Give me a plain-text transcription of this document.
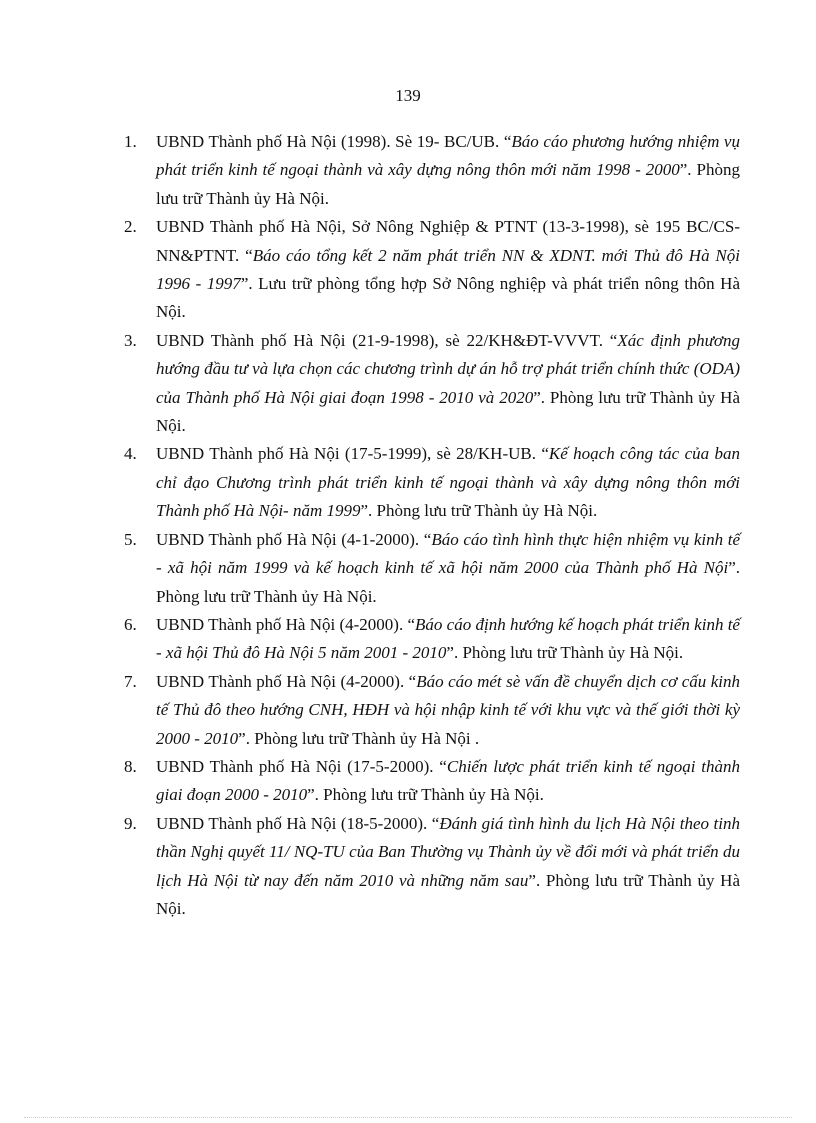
139
1. UBND Thành phố Hà Nội (1998). Sè 19- BC/UB. “Báo cáo phương hướng nhiệm vụ phát triển kinh tế ngoại thành và xây dựng nông thôn mới năm 1998 - 2000”. Phòng lưu trữ Thành ủy Hà Nội.
2. UBND Thành phố Hà Nội, Sở Nông Nghiệp & PTNT (13-3-1998), sè 195 BC/CS-NN&PTNT. “Báo cáo tổng kết 2 năm phát triển NN & XDNT. mới Thủ đô Hà Nội 1996 - 1997”. Lưu trữ phòng tổng hợp Sở Nông nghiệp và phát triển nông thôn Hà Nội.
3. UBND Thành phố Hà Nội (21-9-1998), sè 22/KH&ĐT-VVVT. “Xác định phương hướng đầu tư và lựa chọn các chương trình dự án hỗ trợ phát triển chính thức (ODA) của Thành phố Hà Nội giai đoạn 1998 - 2010 và 2020”. Phòng lưu trữ Thành ủy Hà Nội.
4. UBND Thành phố Hà Nội (17-5-1999), sè 28/KH-UB. “Kế hoạch công tác của ban chỉ đạo Chương trình phát triển kinh tế ngoại thành và xây dựng nông thôn mới Thành phố Hà Nội- năm 1999”. Phòng lưu trữ Thành ủy Hà Nội.
5. UBND Thành phố Hà Nội (4-1-2000). “Báo cáo tình hình thực hiện nhiệm vụ kinh tế - xã hội năm 1999 và kế hoạch kinh tế xã hội năm 2000 của Thành phố Hà Nội”. Phòng lưu trữ Thành ủy Hà Nội.
6. UBND Thành phố Hà Nội (4-2000). “Báo cáo định hướng kế hoạch phát triển kinh tế - xã hội Thủ đô Hà Nội 5 năm 2001 - 2010”. Phòng lưu trữ Thành ủy Hà Nội.
7. UBND Thành phố Hà Nội (4-2000). “Báo cáo mét sè vấn đề chuyển dịch cơ cấu kinh tế Thủ đô theo hướng CNH, HĐH và hội nhập kinh tế với khu vực và thế giới thời kỳ 2000 - 2010”. Phòng lưu trữ Thành ủy Hà Nội .
8. UBND Thành phố Hà Nội (17-5-2000). “Chiến lược phát triển kinh tế ngoại thành giai đoạn 2000 - 2010”. Phòng lưu trữ Thành ủy Hà Nội.
9. UBND Thành phố Hà Nội (18-5-2000). “Đánh giá tình hình du lịch Hà Nội theo tinh thần Nghị quyết 11/ NQ-TU của Ban Thường vụ Thành ủy về đổi mới và phát triển du lịch Hà Nội từ nay đến năm 2010 và những năm sau”. Phòng lưu trữ Thành ủy Hà Nội.
